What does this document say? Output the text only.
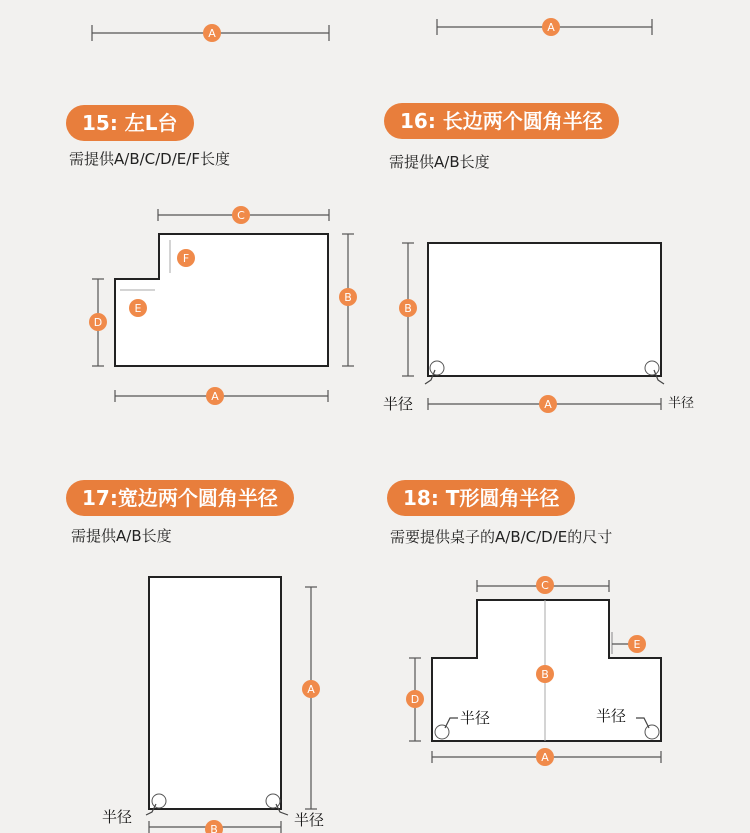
A	A
15: 左L台
需提供A/B/C/D/E/F长度
C
F
E
D
B
A
16: 长边两个圆角半径
需提供A/B长度
B
A
半径	半径
17:宽边两个圆角半径
需提供A/B长度
A
B
半径	半径
18: T形圆角半径
需要提供桌子的A/B/C/D/E的尺寸
C
B
E
D
半径	半径
A
